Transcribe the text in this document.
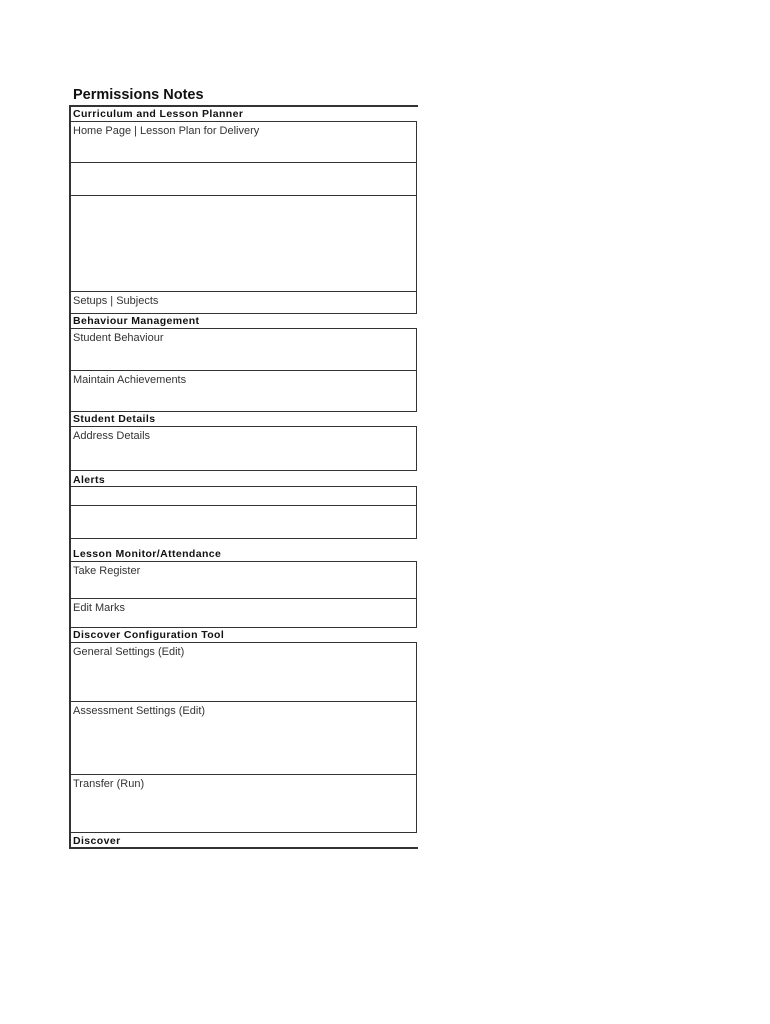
Permissions Notes
Curriculum and Lesson Planner
Home Page | Lesson Plan for Delivery
Setups | Subjects
Behaviour Management
Student Behaviour
Maintain Achievements
Student Details
Address Details
Alerts
Lesson Monitor/Attendance
Take Register
Edit Marks
Discover Configuration Tool
General Settings (Edit)
Assessment Settings (Edit)
Transfer (Run)
Discover
